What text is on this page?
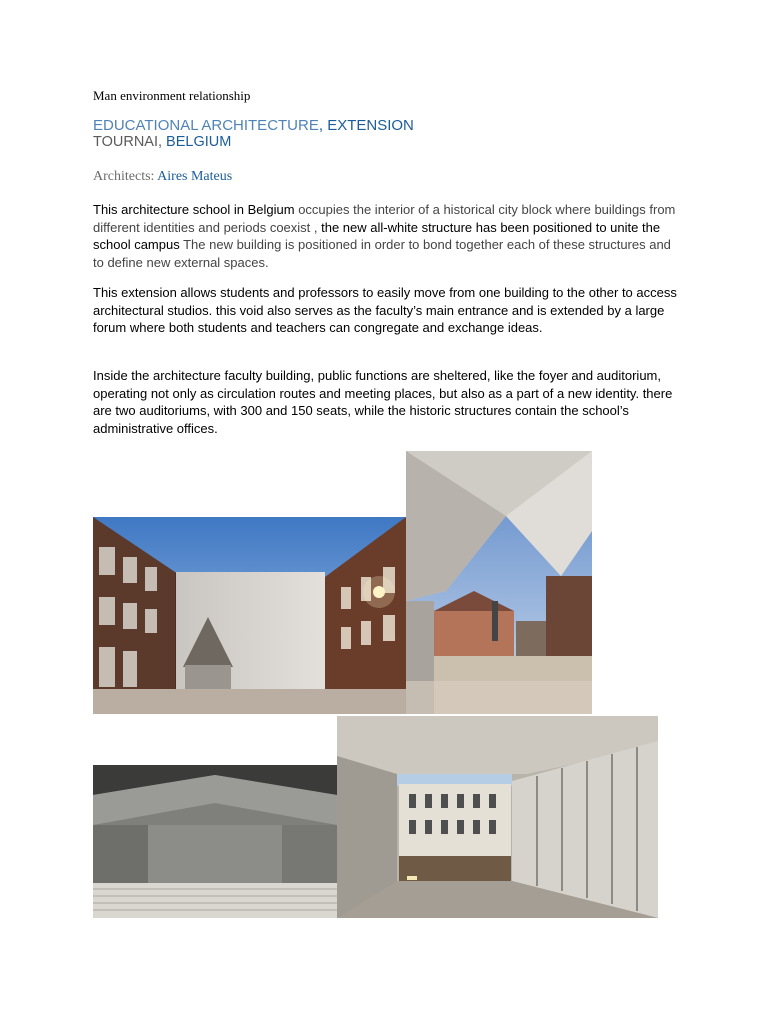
Man environment relationship
EDUCATIONAL ARCHITECTURE, EXTENSION
TOURNAI, BELGIUM
Architects: Aires Mateus
This architecture school in Belgium occupies the interior of a historical city block where buildings from different identities and periods coexist , the new all-white structure has been positioned to unite the school campus The new building is positioned in order to bond together each of these structures and to define new external spaces.
This extension allows students and professors to easily move from one building to the other to access architectural studios. this void also serves as the faculty’s main entrance and is extended by a large forum where both students and teachers can congregate and exchange ideas.
Inside the architecture faculty building, public functions are sheltered, like the foyer and auditorium, operating not only as circulation routes and meeting places, but also as a part of a new identity. there are two auditoriums, with 300 and 150 seats, while the historic structures contain the school’s administrative offices.
